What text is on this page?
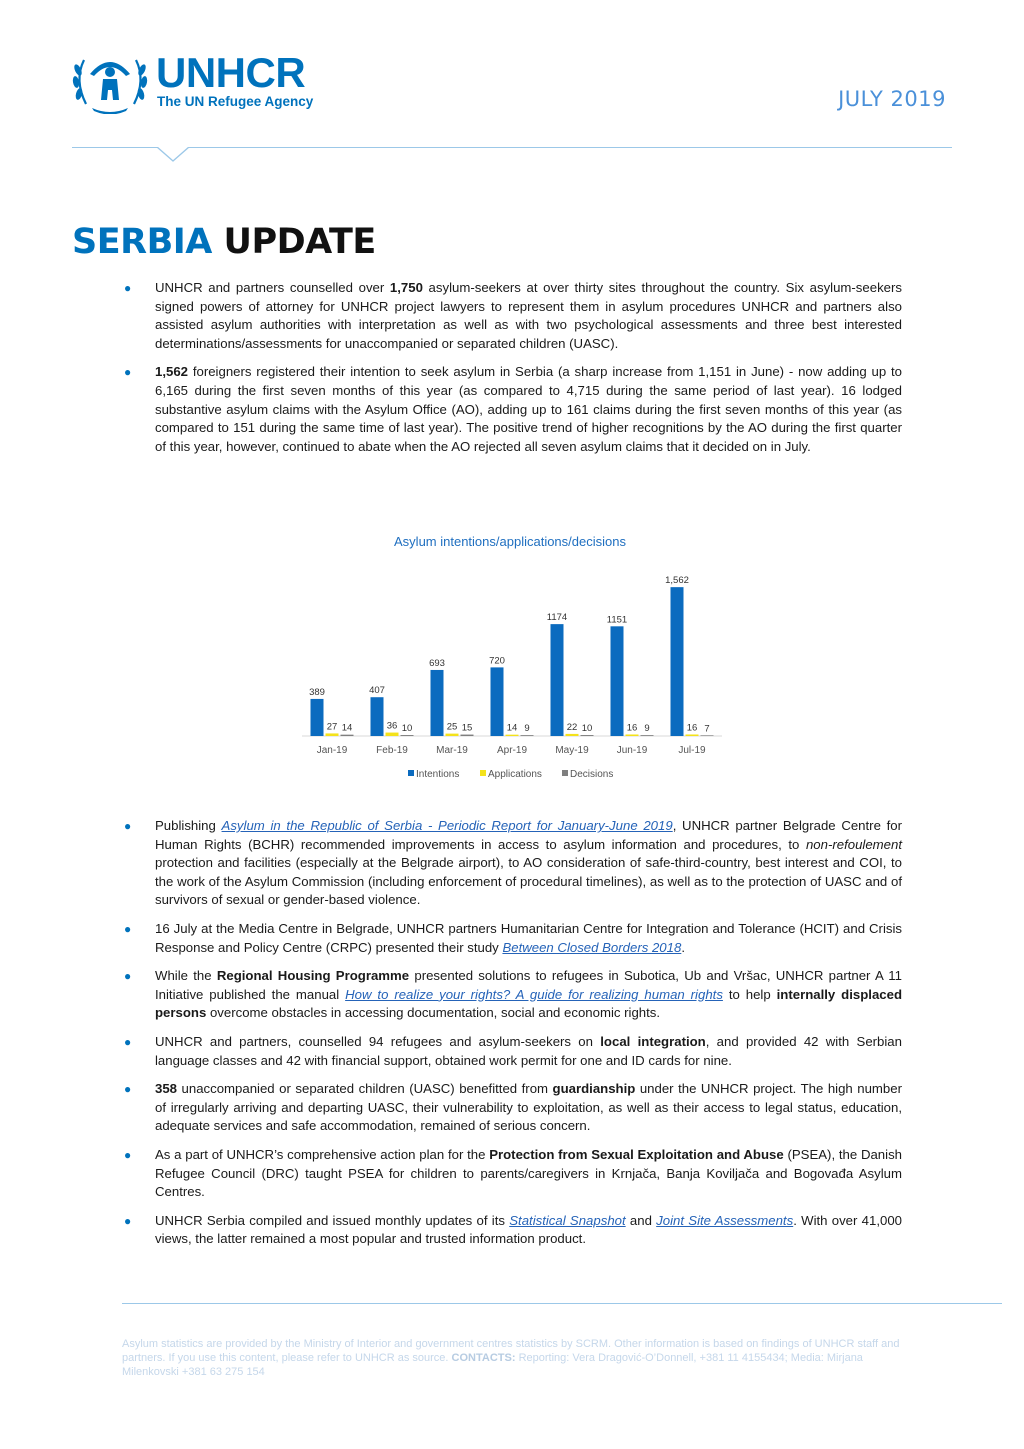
UNHCR
The UN Refugee Agency	JULY 2019
SERBIA UPDATE
● UNHCR and partners counselled over 1,750 asylum-seekers at over thirty sites throughout the country. Six asylum-seekers signed powers of attorney for UNHCR project lawyers to represent them in asylum procedures UNHCR and partners also assisted asylum authorities with interpretation as well as with two psychological assessments and three best interested determinations/assessments for unaccompanied or separated children (UASC).
● 1,562 foreigners registered their intention to seek asylum in Serbia (a sharp increase from 1,151 in June) - now adding up to 6,165 during the first seven months of this year (as compared to 4,715 during the same period of last year). 16 lodged substantive asylum claims with the Asylum Office (AO), adding up to 161 claims during the first seven months of this year (as compared to 151 during the same time of last year). The positive trend of higher recognitions by the AO during the first quarter of this year, however, continued to abate when the AO rejected all seven asylum claims that it decided on in July.
Asylum intentions/applications/decisions
389
27 14
Jan-19
407
36 10
Feb-19
693
25 15
Mar-19
720
14 9
Apr-19
1174
22 10
May-19
1151
16 9
Jun-19
1,562
16 7
Jul-19
Intentions	Applications	Decisions
● Publishing Asylum in the Republic of Serbia - Periodic Report for January-June 2019, UNHCR partner Belgrade Centre for Human Rights (BCHR) recommended improvements in access to asylum information and procedures, to non-refoulement protection and facilities (especially at the Belgrade airport), to AO consideration of safe-third-country, best interest and COI, to the work of the Asylum Commission (including enforcement of procedural timelines), as well as to the protection of UASC and of survivors of sexual or gender-based violence.
● 16 July at the Media Centre in Belgrade, UNHCR partners Humanitarian Centre for Integration and Tolerance (HCIT) and Crisis Response and Policy Centre (CRPC) presented their study Between Closed Borders 2018.
● While the Regional Housing Programme presented solutions to refugees in Subotica, Ub and Vršac, UNHCR partner A 11 Initiative published the manual How to realize your rights? A guide for realizing human rights to help internally displaced persons overcome obstacles in accessing documentation, social and economic rights.
● UNHCR and partners, counselled 94 refugees and asylum-seekers on local integration, and provided 42 with Serbian language classes and 42 with financial support, obtained work permit for one and ID cards for nine.
● 358 unaccompanied or separated children (UASC) benefitted from guardianship under the UNHCR project. The high number of irregularly arriving and departing UASC, their vulnerability to exploitation, as well as their access to legal status, education, adequate services and safe accommodation, remained of serious concern.
● As a part of UNHCR’s comprehensive action plan for the Protection from Sexual Exploitation and Abuse (PSEA), the Danish Refugee Council (DRC) taught PSEA for children to parents/caregivers in Krnjača, Banja Koviljača and Bogovađa Asylum Centres.
● UNHCR Serbia compiled and issued monthly updates of its Statistical Snapshot and Joint Site Assessments. With over 41,000 views, the latter remained a most popular and trusted information product.
Asylum statistics are provided by the Ministry of Interior and government centres statistics by SCRM. Other information is based on findings of UNHCR staff and partners. If you use this content, please refer to UNHCR as source. CONTACTS: Reporting: Vera Dragović-O’Donnell, +381 11 4155434; Media: Mirjana Milenkovski +381 63 275 154
